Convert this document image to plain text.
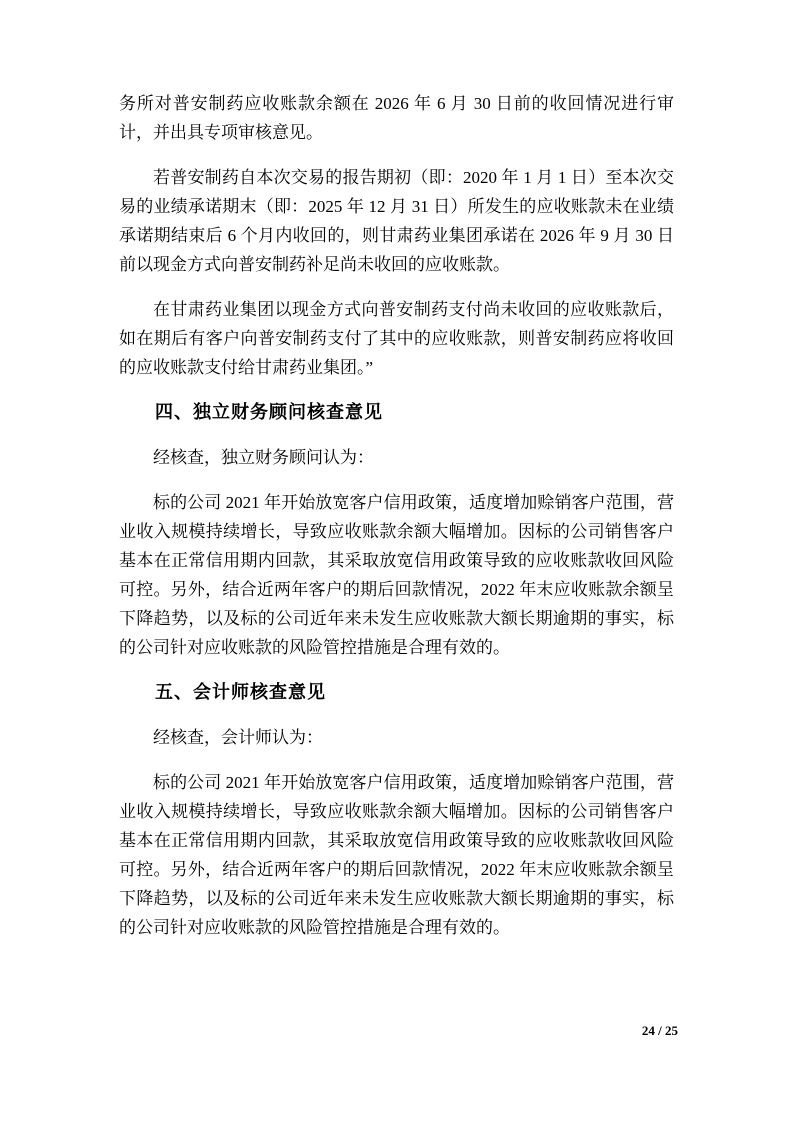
务所对普安制药应收账款余额在 2026 年 6 月 30 日前的收回情况进行审计，并出具专项审核意见。

若普安制药自本次交易的报告期初（即：2020 年 1 月 1 日）至本次交易的业绩承诺期末（即：2025 年 12 月 31 日）所发生的应收账款未在业绩承诺期结束后 6 个月内收回的，则甘肃药业集团承诺在 2026 年 9 月 30 日前以现金方式向普安制药补足尚未收回的应收账款。

在甘肃药业集团以现金方式向普安制药支付尚未收回的应收账款后，如在期后有客户向普安制药支付了其中的应收账款，则普安制药应将收回的应收账款支付给甘肃药业集团。”

四、独立财务顾问核查意见

经核查，独立财务顾问认为：

标的公司 2021 年开始放宽客户信用政策，适度增加赊销客户范围，营业收入规模持续增长，导致应收账款余额大幅增加。因标的公司销售客户基本在正常信用期内回款，其采取放宽信用政策导致的应收账款收回风险可控。另外，结合近两年客户的期后回款情况，2022 年末应收账款余额呈下降趋势，以及标的公司近年来未发生应收账款大额长期逾期的事实，标的公司针对应收账款的风险管控措施是合理有效的。

五、会计师核查意见

经核查，会计师认为：

标的公司 2021 年开始放宽客户信用政策，适度增加赊销客户范围，营业收入规模持续增长，导致应收账款余额大幅增加。因标的公司销售客户基本在正常信用期内回款，其采取放宽信用政策导致的应收账款收回风险可控。另外，结合近两年客户的期后回款情况，2022 年末应收账款余额呈下降趋势，以及标的公司近年来未发生应收账款大额长期逾期的事实，标的公司针对应收账款的风险管控措施是合理有效的。

24 / 25
